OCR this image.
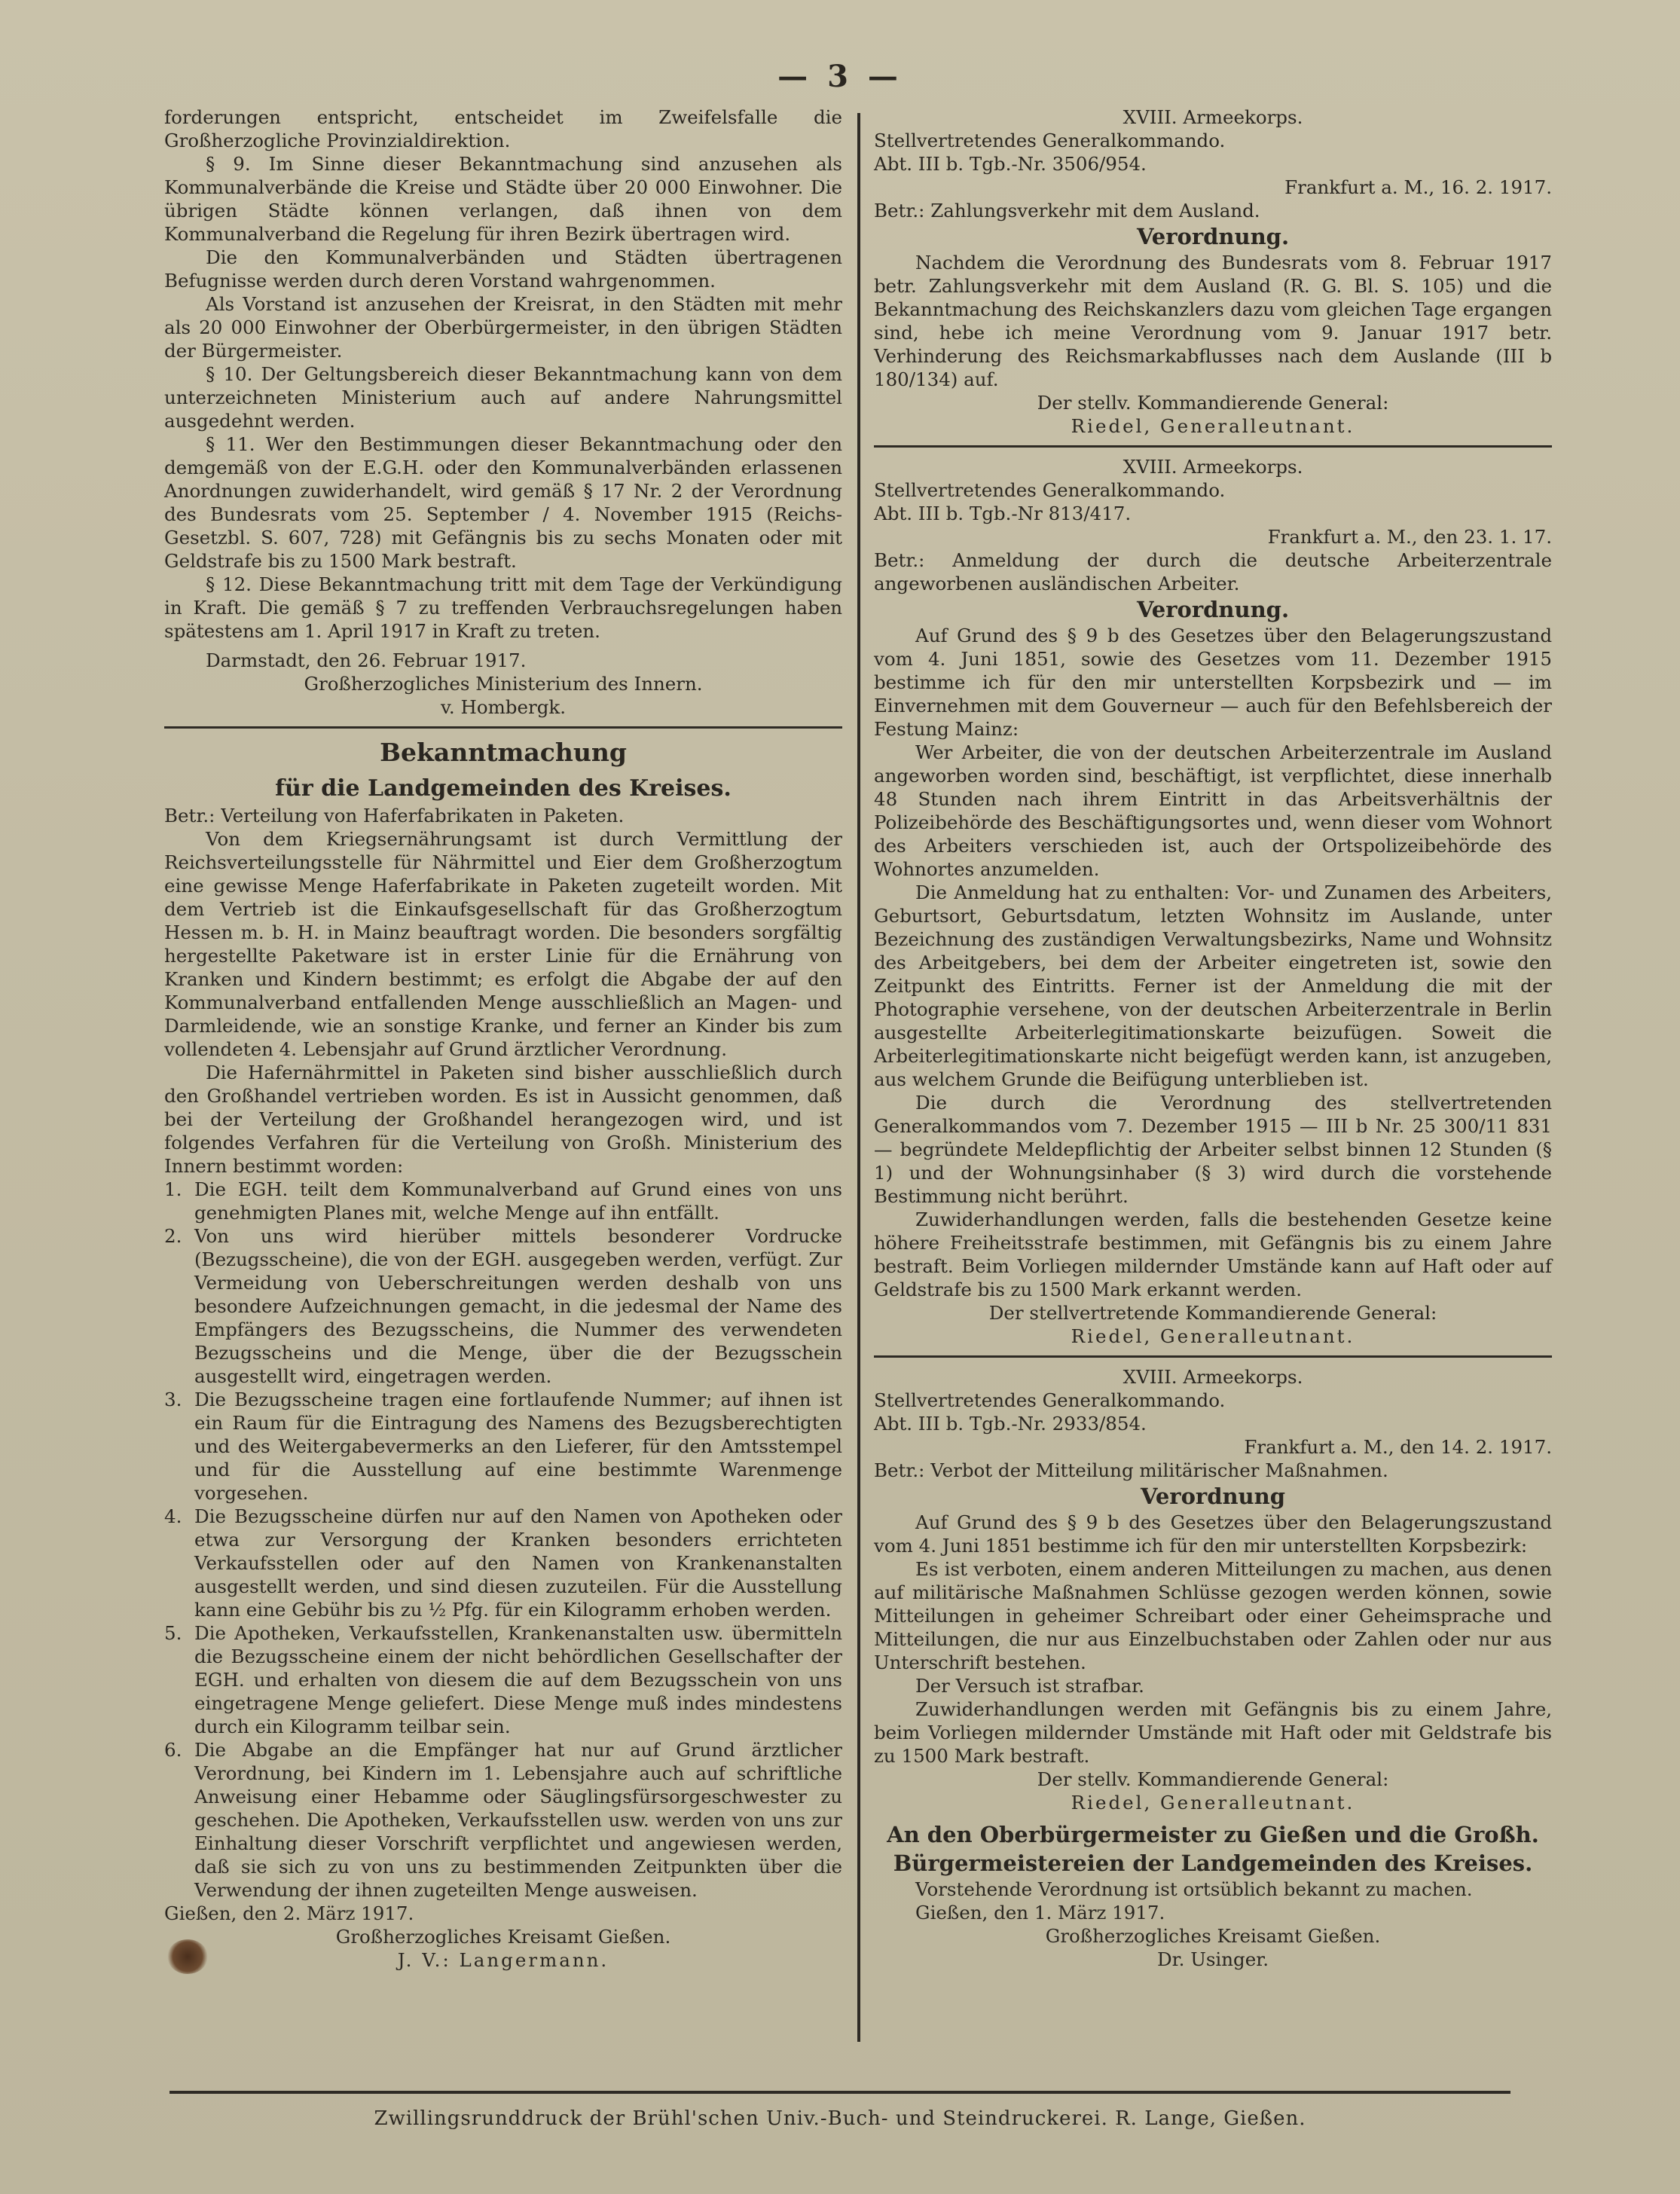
— 3 —

forderungen entspricht, entscheidet im Zweifelsfalle die Großherzogliche Provinzialdirektion.

§ 9. Im Sinne dieser Bekanntmachung sind anzusehen als Kommunalverbände die Kreise und Städte über 20 000 Einwohner. Die übrigen Städte können verlangen, daß ihnen von dem Kommunalverband die Regelung für ihren Bezirk übertragen wird.

Die den Kommunalverbänden und Städten übertragenen Befugnisse werden durch deren Vorstand wahrgenommen.

Als Vorstand ist anzusehen der Kreisrat, in den Städten mit mehr als 20 000 Einwohner der Oberbürgermeister, in den übrigen Städten der Bürgermeister.

§ 10. Der Geltungsbereich dieser Bekanntmachung kann von dem unterzeichneten Ministerium auch auf andere Nahrungsmittel ausgedehnt werden.

§ 11. Wer den Bestimmungen dieser Bekanntmachung oder den demgemäß von der E.G.H. oder den Kommunalverbänden erlassenen Anordnungen zuwiderhandelt, wird gemäß § 17 Nr. 2 der Verordnung des Bundesrats vom 25. September / 4. November 1915 (Reichs-Gesetzbl. S. 607, 728) mit Gefängnis bis zu sechs Monaten oder mit Geldstrafe bis zu 1500 Mark bestraft.

§ 12. Diese Bekanntmachung tritt mit dem Tage der Verkündigung in Kraft. Die gemäß § 7 zu treffenden Verbrauchsregelungen haben spätestens am 1. April 1917 in Kraft zu treten.

Darmstadt, den 26. Februar 1917.

Großherzogliches Ministerium des Innern.

v. Hombergk.

Bekanntmachung
für die Landgemeinden des Kreises.

Betr.: Verteilung von Haferfabrikaten in Paketen.

Von dem Kriegsernährungsamt ist durch Vermittlung der Reichsverteilungsstelle für Nährmittel und Eier dem Großherzogtum eine gewisse Menge Haferfabrikate in Paketen zugeteilt worden. Mit dem Vertrieb ist die Einkaufsgesellschaft für das Großherzogtum Hessen m. b. H. in Mainz beauftragt worden. Die besonders sorgfältig hergestellte Paketware ist in erster Linie für die Ernährung von Kranken und Kindern bestimmt; es erfolgt die Abgabe der auf den Kommunalverband entfallenden Menge ausschließlich an Magen- und Darmleidende, wie an sonstige Kranke, und ferner an Kinder bis zum vollendeten 4. Lebensjahr auf Grund ärztlicher Verordnung.

Die Hafernährmittel in Paketen sind bisher ausschließlich durch den Großhandel vertrieben worden. Es ist in Aussicht genommen, daß bei der Verteilung der Großhandel herangezogen wird, und ist folgendes Verfahren für die Verteilung von Großh. Ministerium des Innern bestimmt worden:

1. Die EGH. teilt dem Kommunalverband auf Grund eines von uns genehmigten Planes mit, welche Menge auf ihn entfällt.
2. Von uns wird hierüber mittels besonderer Vordrucke (Bezugsscheine), die von der EGH. ausgegeben werden, verfügt. Zur Vermeidung von Ueberschreitungen werden deshalb von uns besondere Aufzeichnungen gemacht, in die jedesmal der Name des Empfängers des Bezugsscheins, die Nummer des verwendeten Bezugsscheins und die Menge, über die der Bezugsschein ausgestellt wird, eingetragen werden.
3. Die Bezugsscheine tragen eine fortlaufende Nummer; auf ihnen ist ein Raum für die Eintragung des Namens des Bezugsberechtigten und des Weitergabevermerks an den Lieferer, für den Amtsstempel und für die Ausstellung auf eine bestimmte Warenmenge vorgesehen.
4. Die Bezugsscheine dürfen nur auf den Namen von Apotheken oder etwa zur Versorgung der Kranken besonders errichteten Verkaufsstellen oder auf den Namen von Krankenanstalten ausgestellt werden, und sind diesen zuzuteilen. Für die Ausstellung kann eine Gebühr bis zu ½ Pfg. für ein Kilogramm erhoben werden.
5. Die Apotheken, Verkaufsstellen, Krankenanstalten usw. übermitteln die Bezugsscheine einem der nicht behördlichen Gesellschafter der EGH. und erhalten von diesem die auf dem Bezugsschein von uns eingetragene Menge geliefert. Diese Menge muß indes mindestens durch ein Kilogramm teilbar sein.
6. Die Abgabe an die Empfänger hat nur auf Grund ärztlicher Verordnung, bei Kindern im 1. Lebensjahre auch auf schriftliche Anweisung einer Hebamme oder Säuglingsfürsorgeschwester zu geschehen. Die Apotheken, Verkaufsstellen usw. werden von uns zur Einhaltung dieser Vorschrift verpflichtet und angewiesen werden, daß sie sich zu von uns zu bestimmenden Zeitpunkten über die Verwendung der ihnen zugeteilten Menge ausweisen.

Gießen, den 2. März 1917.

Großherzogliches Kreisamt Gießen.

J. V.: Langermann.

XVIII. Armeekorps.

Stellvertretendes Generalkommando.

Abt. III b. Tgb.-Nr. 3506/954.

Frankfurt a. M., 16. 2. 1917.

Betr.: Zahlungsverkehr mit dem Ausland.

Verordnung.

Nachdem die Verordnung des Bundesrats vom 8. Februar 1917 betr. Zahlungsverkehr mit dem Ausland (R. G. Bl. S. 105) und die Bekanntmachung des Reichskanzlers dazu vom gleichen Tage ergangen sind, hebe ich meine Verordnung vom 9. Januar 1917 betr. Verhinderung des Reichsmarkabflusses nach dem Auslande (III b 180/134) auf.

Der stellv. Kommandierende General:

Riedel, Generalleutnant.

XVIII. Armeekorps.

Stellvertretendes Generalkommando.

Abt. III b. Tgb.-Nr 813/417.

Frankfurt a. M., den 23. 1. 17.

Betr.: Anmeldung der durch die deutsche Arbeiterzentrale angeworbenen ausländischen Arbeiter.

Verordnung.

Auf Grund des § 9 b des Gesetzes über den Belagerungszustand vom 4. Juni 1851, sowie des Gesetzes vom 11. Dezember 1915 bestimme ich für den mir unterstellten Korpsbezirk und — im Einvernehmen mit dem Gouverneur — auch für den Befehlsbereich der Festung Mainz:

Wer Arbeiter, die von der deutschen Arbeiterzentrale im Ausland angeworben worden sind, beschäftigt, ist verpflichtet, diese innerhalb 48 Stunden nach ihrem Eintritt in das Arbeitsverhältnis der Polizeibehörde des Beschäftigungsortes und, wenn dieser vom Wohnort des Arbeiters verschieden ist, auch der Ortspolizeibehörde des Wohnortes anzumelden.

Die Anmeldung hat zu enthalten: Vor- und Zunamen des Arbeiters, Geburtsort, Geburtsdatum, letzten Wohnsitz im Auslande, unter Bezeichnung des zuständigen Verwaltungsbezirks, Name und Wohnsitz des Arbeitgebers, bei dem der Arbeiter eingetreten ist, sowie den Zeitpunkt des Eintritts. Ferner ist der Anmeldung die mit der Photographie versehene, von der deutschen Arbeiterzentrale in Berlin ausgestellte Arbeiterlegitimationskarte beizufügen. Soweit die Arbeiterlegitimationskarte nicht beigefügt werden kann, ist anzugeben, aus welchem Grunde die Beifügung unterblieben ist.

Die durch die Verordnung des stellvertretenden Generalkommandos vom 7. Dezember 1915 — III b Nr. 25 300/11 831 — begründete Meldepflichtig der Arbeiter selbst binnen 12 Stunden (§ 1) und der Wohnungsinhaber (§ 3) wird durch die vorstehende Bestimmung nicht berührt.

Zuwiderhandlungen werden, falls die bestehenden Gesetze keine höhere Freiheitsstrafe bestimmen, mit Gefängnis bis zu einem Jahre bestraft. Beim Vorliegen mildernder Umstände kann auf Haft oder auf Geldstrafe bis zu 1500 Mark erkannt werden.

Der stellvertretende Kommandierende General:

Riedel, Generalleutnant.

XVIII. Armeekorps.

Stellvertretendes Generalkommando.

Abt. III b. Tgb.-Nr. 2933/854.

Frankfurt a. M., den 14. 2. 1917.

Betr.: Verbot der Mitteilung militärischer Maßnahmen.

Verordnung

Auf Grund des § 9 b des Gesetzes über den Belagerungszustand vom 4. Juni 1851 bestimme ich für den mir unterstellten Korpsbezirk:

Es ist verboten, einem anderen Mitteilungen zu machen, aus denen auf militärische Maßnahmen Schlüsse gezogen werden können, sowie Mitteilungen in geheimer Schreibart oder einer Geheimsprache und Mitteilungen, die nur aus Einzelbuchstaben oder Zahlen oder nur aus Unterschrift bestehen.

Der Versuch ist strafbar.

Zuwiderhandlungen werden mit Gefängnis bis zu einem Jahre, beim Vorliegen mildernder Umstände mit Haft oder mit Geldstrafe bis zu 1500 Mark bestraft.

Der stellv. Kommandierende General:

Riedel, Generalleutnant.

An den Oberbürgermeister zu Gießen und die Großh. Bürgermeistereien der Landgemeinden des Kreises.

Vorstehende Verordnung ist ortsüblich bekannt zu machen.

Gießen, den 1. März 1917.

Großherzogliches Kreisamt Gießen.

Dr. Usinger.

Zwillingsrunddruck der Brühl'schen Univ.-Buch- und Steindruckerei. R. Lange, Gießen.
